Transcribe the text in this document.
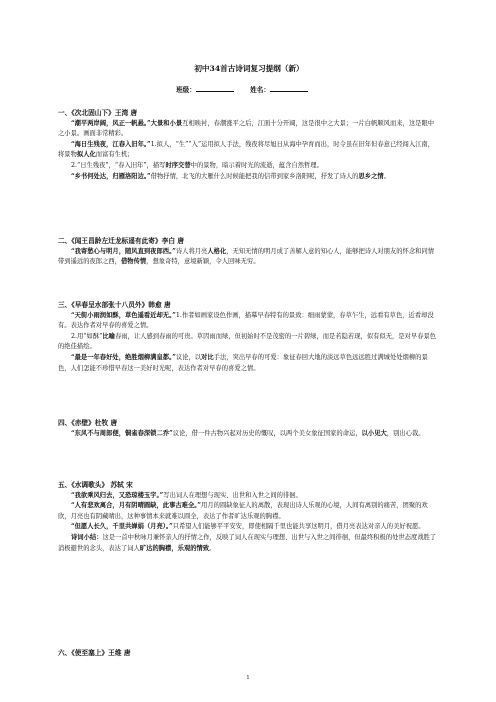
初中34首古诗词复习提纲（新）
班级：	姓名：

一、《次北固山下》王湾 唐

“潮平两岸阔，风正一帆悬。”大景和小景互相映衬，春潮涨平之后，江面十分开阔，这是很中之大景；一片白帆顺风而来，这是眼中之小景。画面非常精彩。

“海日生残夜，江春入旧年。”1.拟人，“生”“入”运用拟人手法，残夜将尽旭日从海中孕育而出，时令虽在旧年但春意已经闯入江南，将景物拟人化而富有生机；

2.“日生残夜”，“春入旧年”，描写时序交替中的景物，暗示着时光的流逝，蕴含自然哲理。

“乡书何处达，归雁洛阳边。”借物抒情，北飞的大雁什么时候能把我的信带到家乡洛阳呢，抒发了诗人的思乡之情。

二、《闻王昌龄左迁龙标遥有此寄》李白 唐

“我寄愁心与明月，随风直到夜郎西。”诗人将月亮人格化，无知无情的明月成了善解人意的知心人，能够把诗人对朋友的怀念和同情带到遥远的夜郎之西，借物传情，想象奇特，意境新颖，令人回味无穷。

三、《早春呈水部张十八员外》韩愈 唐

“天街小雨润如酥，草色遥看近却无。”1.作者如画家设色作画，描摹早春特有的景致：细雨蒙蒙，春草乍生，远看有草色，近看却没有。表达作者对早春的喜爱之情。

2.用“如酥”比喻春雨，让人感到春雨的可贵。草因雨而绿，但初始时不是茂密的一片碧绿，而是若隐若现，似有似无，是对早春景色的绝佳描绘。

“最是一年春好处，绝胜烟柳满皇都。”议论，以对比手法，突出早春的可爱：象征春回大地的淡远草色远远胜过满城处处烟柳的景色，人们怎能不珍惜早春这一美好时光呢，表达作者对早春的喜爱之情。

四、《赤壁》杜牧 唐

“东风不与周郎便，铜雀春深锁二乔”议论，借一件古物兴起对历史的慨叹，以两个美女象征国家的命运，以小见大，别出心裁。

五、《水调歌头》 苏轼 宋

“我欲乘风归去，又恐琼楼玉宇。”写出词人在理想与现实、出世和入世之间的徘徊。

“人有悲欢离合，月有阴晴圆缺，此事古难全。”用月的圆缺象征人的离散，表现出诗人乐观的心境，人间有离别的痛苦，团聚的欢欣，月亮也有阴藏晴出，这种事情本来就难以圆全，表达了作者旷达乐观的胸襟。

“但愿人长久，千里共婵娟（月亮）。”只希望人们能够平平安安，即使相隔千里也能共享这明月，借月亮表达对亲人的美好祝愿。

诗词小结：这是一首中秋咏月兼怀亲人的抒情之作，反映了词人在现实与理想、出世与入世之间徘徊，但最终积极的处世态度战胜了消极避世的念头，表达了词人旷达的胸襟，乐观的情致。

六、《使至塞上》王维 唐

1
